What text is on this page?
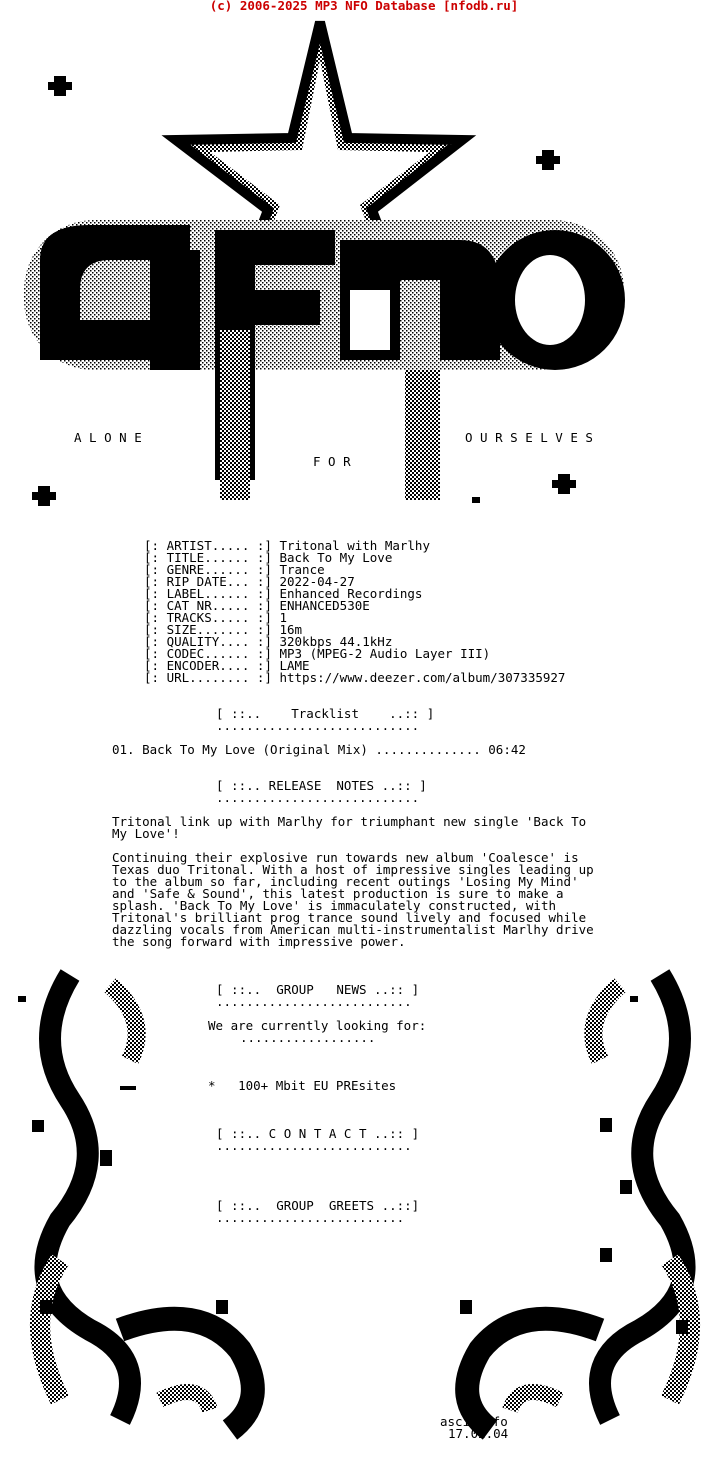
(c) 2006-2025 MP3 NFO Database [nfodb.ru]
A L O N E
F O R
O U R S E L V E S
[: ARTIST..... :] Tritonal with Marlhy
[: TITLE...... :] Back To My Love
[: GENRE...... :] Trance
[: RIP DATE... :] 2022-04-27
[: LABEL...... :] Enhanced Recordings
[: CAT NR..... :] ENHANCED530E
[: TRACKS..... :] 1
[: SIZE....... :] 16m
[: QUALITY.... :] 320kbps 44.1kHz
[: CODEC...... :] MP3 (MPEG-2 Audio Layer III)
[: ENCODER.... :] LAME
[: URL........ :] https://www.deezer.com/album/307335927
[ ::..    Tracklist    ..:: ]
...........................
01. Back To My Love (Original Mix) .............. 06:42
[ ::.. RELEASE  NOTES ..:: ]
...........................
Tritonal link up with Marlhy for triumphant new single 'Back To
My Love'!
Continuing their explosive run towards new album 'Coalesce' is
Texas duo Tritonal. With a host of impressive singles leading up
to the album so far, including recent outings 'Losing My Mind'
and 'Safe & Sound', this latest production is sure to make a
splash. 'Back To My Love' is immaculately constructed, with
Tritonal's brilliant prog trance sound lively and focused while
dazzling vocals from American multi-instrumentalist Marlhy drive
the song forward with impressive power.
[ ::..  GROUP   NEWS ..:: ]
..........................
We are currently looking for:
..................
*   100+ Mbit EU PREsites
[ ::.. C O N T A C T ..:: ]
..........................
[ ::..  GROUP  GREETS ..::]
.........................
ascii.afo
17.02.04
